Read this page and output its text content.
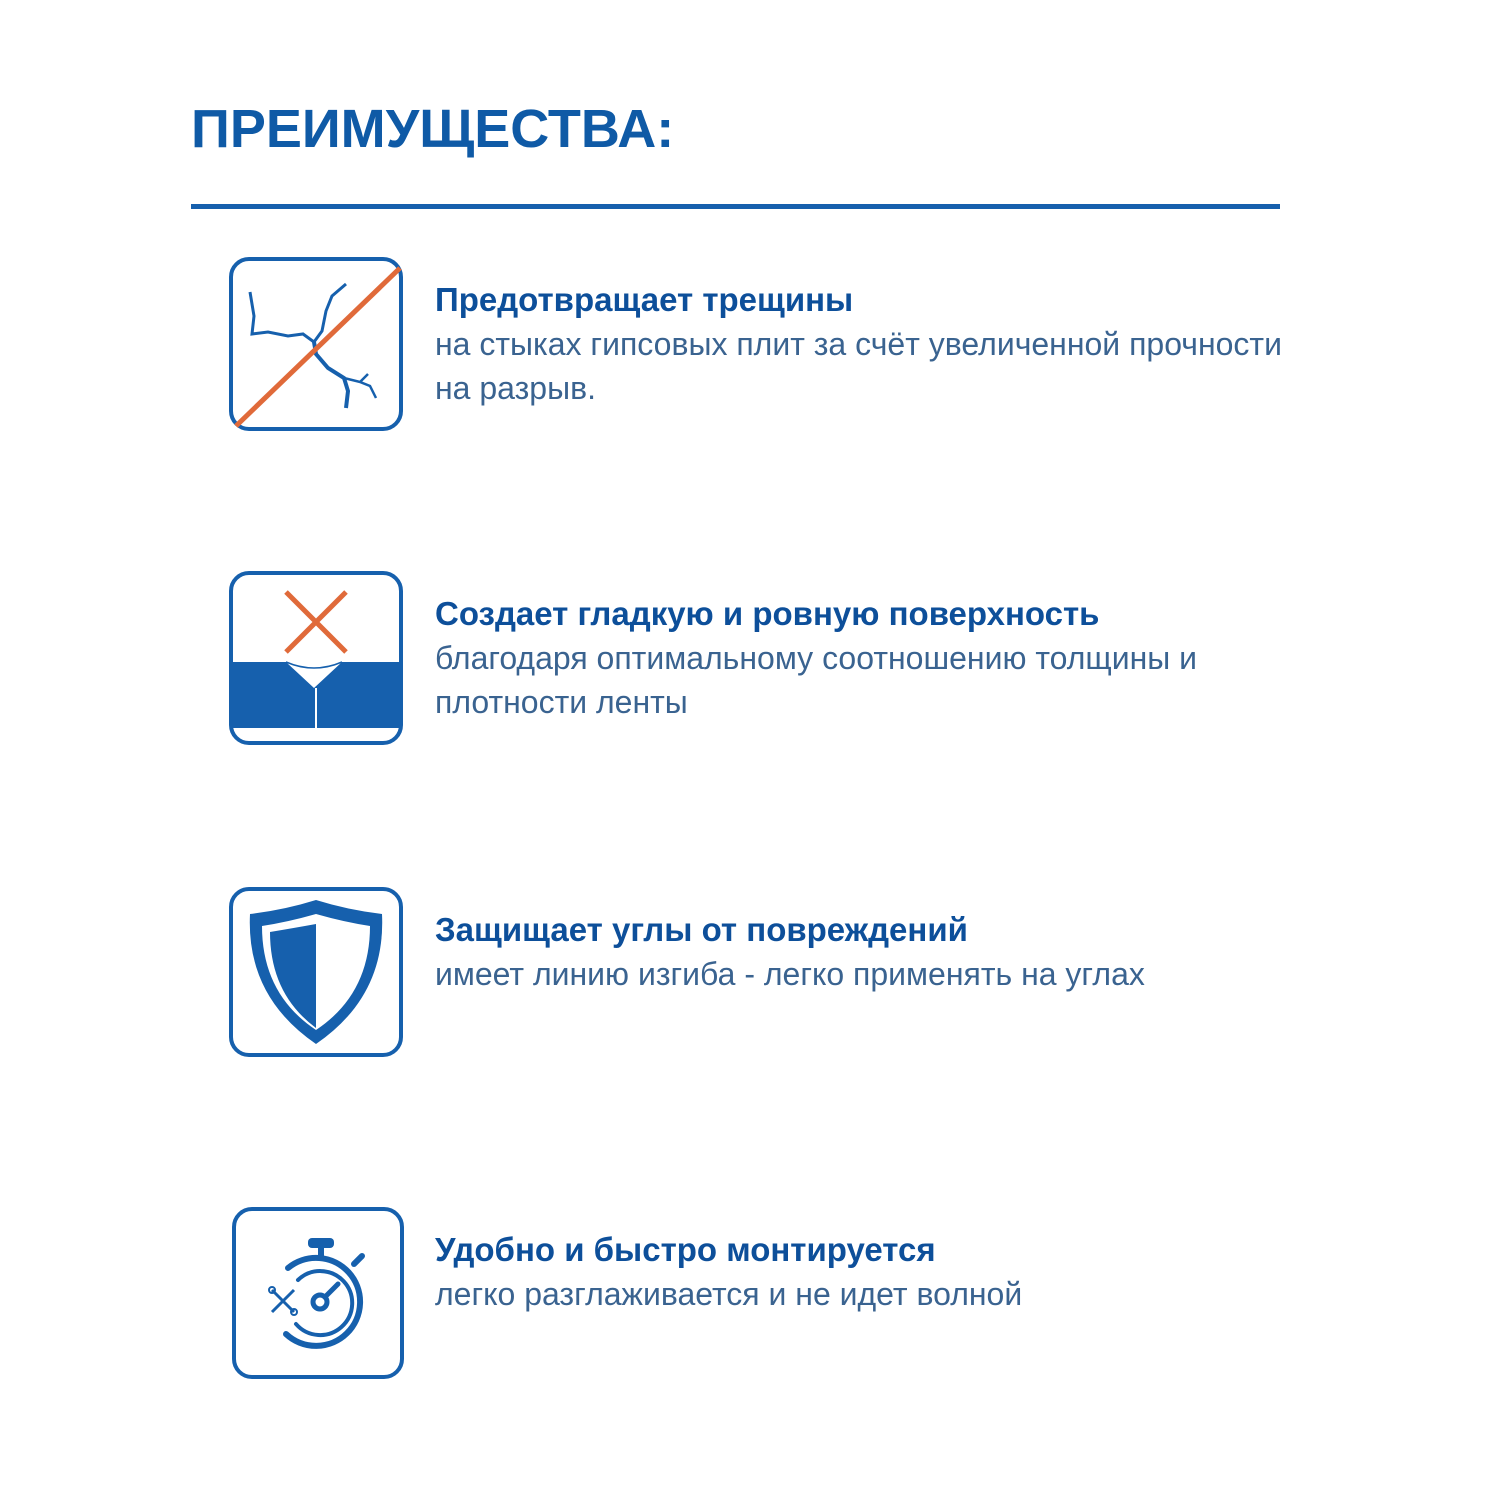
ПРЕИМУЩЕСТВА:
Предотвращает трещины
на стыках гипсовых плит за счёт увеличенной прочности на разрыв.
Создает гладкую и ровную поверхность
благодаря оптимальному соотношению толщины и плотности ленты
Защищает углы от повреждений
имеет линию изгиба - легко применять на углах
Удобно и быстро монтируется
легко разглаживается и не идет волной
